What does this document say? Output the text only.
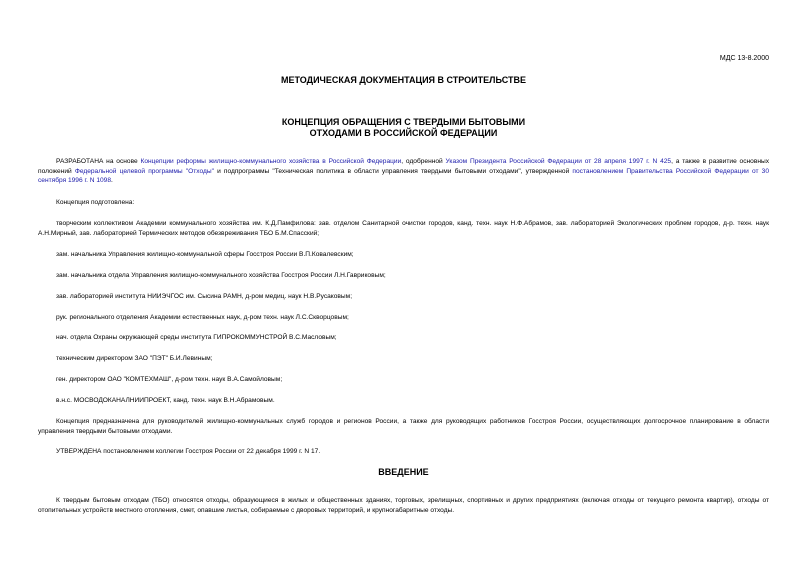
МДС 13-8.2000
МЕТОДИЧЕСКАЯ ДОКУМЕНТАЦИЯ В СТРОИТЕЛЬСТВЕ
КОНЦЕПЦИЯ ОБРАЩЕНИЯ С ТВЕРДЫМИ БЫТОВЫМИ
ОТХОДАМИ В РОССИЙСКОЙ ФЕДЕРАЦИИ
РАЗРАБОТАНА на основе Концепции реформы жилищно-коммунального хозяйства в Российской Федерации, одобренной Указом Президента Российской Федерации от 28 апреля 1997 г. N 425, а также в развитие основных положений Федеральной целевой программы "Отходы" и подпрограммы "Техническая политика в области управления твердыми бытовыми отходами", утвержденной постановлением Правительства Российской Федерации от 30 сентября 1996 г. N 1098.
Концепция подготовлена:
творческим коллективом Академии коммунального хозяйства им. К.Д.Памфилова: зав. отделом Санитарной очистки городов, канд. техн. наук Н.Ф.Абрамов, зав. лабораторией Экологических проблем городов, д-р. техн. наук А.Н.Мирный, зав. лабораторией Термических методов обезвреживания ТБО Б.М.Спасский;
зам. начальника Управления жилищно-коммунальной сферы Госстроя России В.П.Ковалевским;
зам. начальника отдела Управления жилищно-коммунального хозяйства Госстроя России Л.Н.Гавриковым;
зав. лабораторией института НИИЭЧГОС им. Сысина РАМН, д-ром медиц. наук Н.В.Русаковым;
рук. регионального отделения Академии естественных наук, д-ром техн. наук Л.С.Скворцовым;
нач. отдела Охраны окружающей среды института ГИПРОКОММУНСТРОЙ В.С.Масловым;
техническим директором ЗАО "ПЭТ" Б.И.Левиным;
ген. директором ОАО "КОМТЕХМАШ", д-ром техн. наук В.А.Самойловым;
в.н.с. МОСВОДОКАНАЛНИИПРОЕКТ, канд. техн. наук В.Н.Абрамовым.
Концепция предназначена для руководителей жилищно-коммунальных служб городов и регионов России, а также для руководящих работников Госстроя России, осуществляющих долгосрочное планирование в области управления твердыми бытовыми отходами.
УТВЕРЖДЕНА постановлением коллегии Госстроя России от 22 декабря 1999 г. N 17.
ВВЕДЕНИЕ
К твердым бытовым отходам (ТБО) относятся отходы, образующиеся в жилых и общественных зданиях, торговых, зрелищных, спортивных и других предприятиях (включая отходы от текущего ремонта квартир), отходы от отопительных устройств местного отопления, смет, опавшие листья, собираемые с дворовых территорий, и крупногабаритные отходы.
